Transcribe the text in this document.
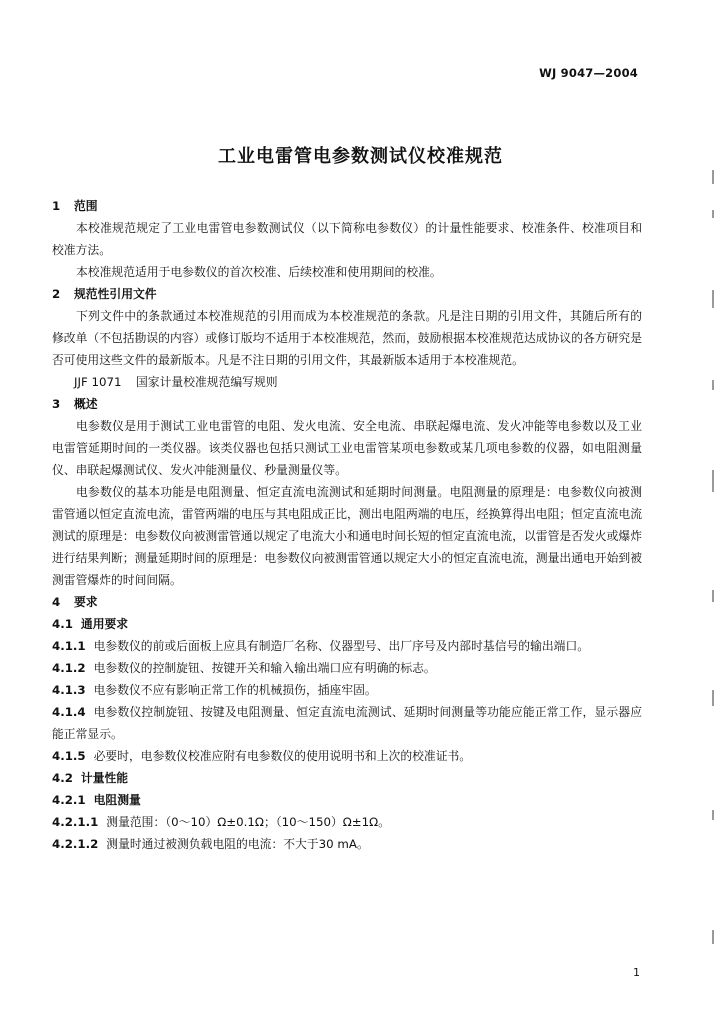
WJ 9047—2004
工业电雷管电参数测试仪校准规范

1 范围

本校准规范规定了工业电雷管电参数测试仪（以下简称电参数仪）的计量性能要求、校准条件、校准项目和校准方法。

本校准规范适用于电参数仪的首次校准、后续校准和使用期间的校准。

2 规范性引用文件

下列文件中的条款通过本校准规范的引用而成为本校准规范的条款。凡是注日期的引用文件，其随后所有的修改单（不包括勘误的内容）或修订版均不适用于本校准规范，然而，鼓励根据本校准规范达成协议的各方研究是否可使用这些文件的最新版本。凡是不注日期的引用文件，其最新版本适用于本校准规范。

JJF 1071 国家计量校准规范编写规则

3 概述

电参数仪是用于测试工业电雷管的电阻、发火电流、安全电流、串联起爆电流、发火冲能等电参数以及工业电雷管延期时间的一类仪器。该类仪器也包括只测试工业电雷管某项电参数或某几项电参数的仪器，如电阻测量仪、串联起爆测试仪、发火冲能测量仪、秒量测量仪等。

电参数仪的基本功能是电阻测量、恒定直流电流测试和延期时间测量。电阻测量的原理是：电参数仪向被测雷管通以恒定直流电流，雷管两端的电压与其电阻成正比，测出电阻两端的电压，经换算得出电阻；恒定直流电流测试的原理是：电参数仪向被测雷管通以规定了电流大小和通电时间长短的恒定直流电流，以雷管是否发火或爆炸进行结果判断；测量延期时间的原理是：电参数仪向被测雷管通以规定大小的恒定直流电流，测量出通电开始到被测雷管爆炸的时间间隔。

4 要求

4.1 通用要求

4.1.1 电参数仪的前或后面板上应具有制造厂名称、仪器型号、出厂序号及内部时基信号的输出端口。

4.1.2 电参数仪的控制旋钮、按键开关和输入输出端口应有明确的标志。

4.1.3 电参数仪不应有影响正常工作的机械损伤，插座牢固。

4.1.4 电参数仪控制旋钮、按键及电阻测量、恒定直流电流测试、延期时间测量等功能应能正常工作，显示器应能正常显示。

4.1.5 必要时，电参数仪校准应附有电参数仪的使用说明书和上次的校准证书。

4.2 计量性能

4.2.1 电阻测量

4.2.1.1 测量范围：（0～10）Ω±0.1Ω；（10～150）Ω±1Ω。

4.2.1.2 测量时通过被测负载电阻的电流：不大于30 mA。

1
